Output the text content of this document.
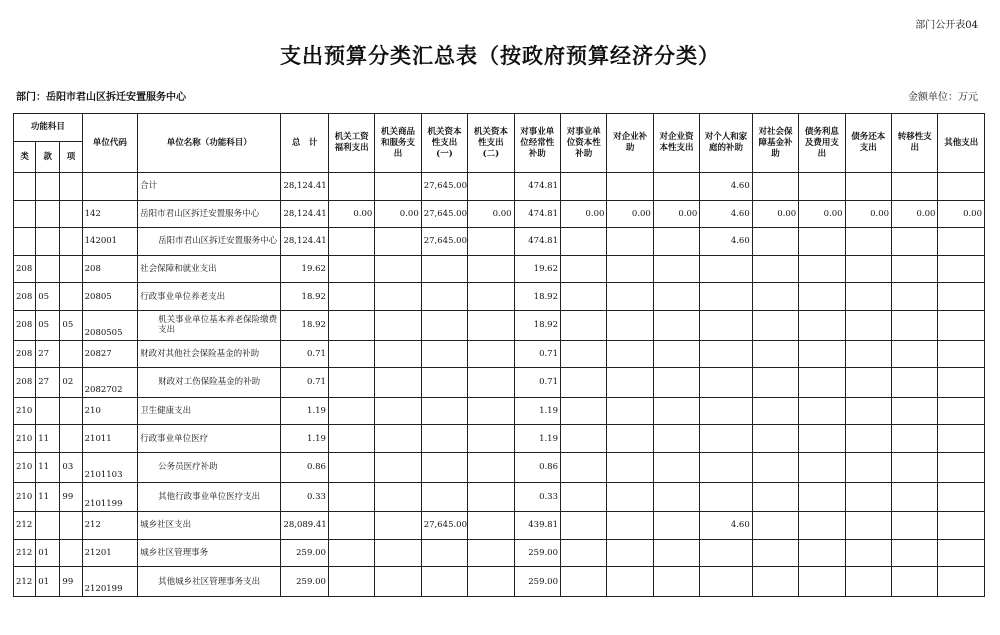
部门公开表04
支出预算分类汇总表（按政府预算经济分类）
部门：岳阳市君山区拆迁安置服务中心	金额单位：万元
功能科目			单位代码	单位名称（功能科目）	总　计	机关工资福利支出	机关商品和服务支出	机关资本性支出(一)	机关资本性支出(二)	对事业单位经常性补助	对事业单位资本性补助	对企业补助	对企业资本性支出	对个人和家庭的补助	对社会保障基金补助	债务利息及费用支出	债务还本支出	转移性支出	其他支出
类	款	项																	
				合计	28,124.41			27,645.00		474.81				4.60					
			142	岳阳市君山区拆迁安置服务中心	28,124.41	0.00	0.00	27,645.00	0.00	474.81	0.00	0.00	0.00	4.60	0.00	0.00	0.00	0.00	0.00
			142001	岳阳市君山区拆迁安置服务中心	28,124.41			27,645.00		474.81				4.60					
208			208	社会保障和就业支出	19.62					19.62									
208	05		20805	行政事业单位养老支出	18.92					18.92									
208	05	05	2080505	机关事业单位基本养老保险缴费支出	18.92					18.92									
208	27		20827	财政对其他社会保险基金的补助	0.71					0.71									
208	27	02	2082702	财政对工伤保险基金的补助	0.71					0.71									
210			210	卫生健康支出	1.19					1.19									
210	11		21011	行政事业单位医疗	1.19					1.19									
210	11	03	2101103	公务员医疗补助	0.86					0.86									
210	11	99	2101199	其他行政事业单位医疗支出	0.33					0.33									
212			212	城乡社区支出	28,089.41			27,645.00		439.81				4.60					
212	01		21201	城乡社区管理事务	259.00					259.00									
212	01	99	2120199	其他城乡社区管理事务支出	259.00					259.00									
